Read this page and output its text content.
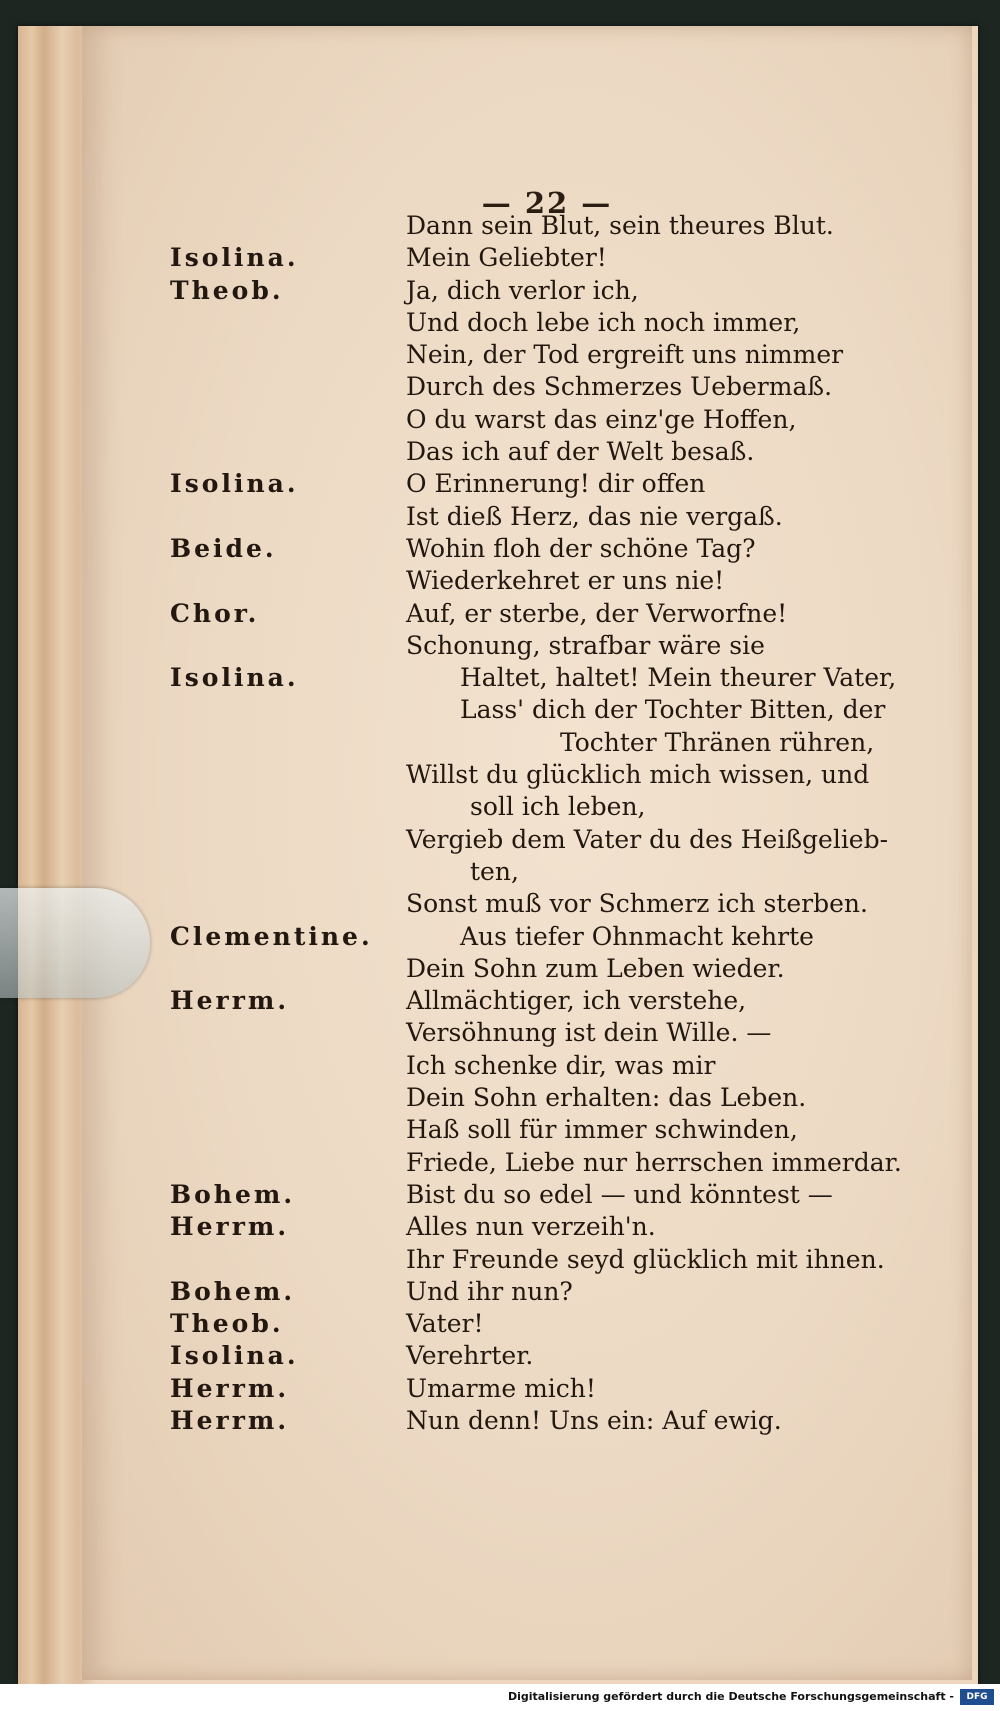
— 22 —
Dann sein Blut, sein theures Blut.
Isolina.	Mein Geliebter!
Theob.	Ja, dich verlor ich,
Und doch lebe ich noch immer,
Nein, der Tod ergreift uns nimmer
Durch des Schmerzes Uebermaß.
O du warst das einz'ge Hoffen,
Das ich auf der Welt besaß.
Isolina.	O Erinnerung! dir offen
Ist dieß Herz, das nie vergaß.
Beide.	Wohin floh der schöne Tag?
Wiederkehret er uns nie!
Chor.	Auf, er sterbe, der Verworfne!
Schonung, strafbar wäre sie
Isolina.	Haltet, haltet! Mein theurer Vater,
Lass' dich der Tochter Bitten, der
Tochter Thränen rühren,
Willst du glücklich mich wissen, und
soll ich leben,
Vergieb dem Vater du des Heißgelieb-
ten,
Sonst muß vor Schmerz ich sterben.
Clementine.	Aus tiefer Ohnmacht kehrte
Dein Sohn zum Leben wieder.
Herrm.	Allmächtiger, ich verstehe,
Versöhnung ist dein Wille. —
Ich schenke dir, was mir
Dein Sohn erhalten: das Leben.
Haß soll für immer schwinden,
Friede, Liebe nur herrschen immerdar.
Bohem.	Bist du so edel — und könntest —
Herrm.	Alles nun verzeih'n.
Ihr Freunde seyd glücklich mit ihnen.
Bohem.	Und ihr nun?
Theob.	Vater!
Isolina.	Verehrter.
Herrm.	Umarme mich!
Herrm.	Nun denn! Uns ein: Auf ewig.
Digitalisierung gefördert durch die Deutsche Forschungsgemeinschaft -	DFG
